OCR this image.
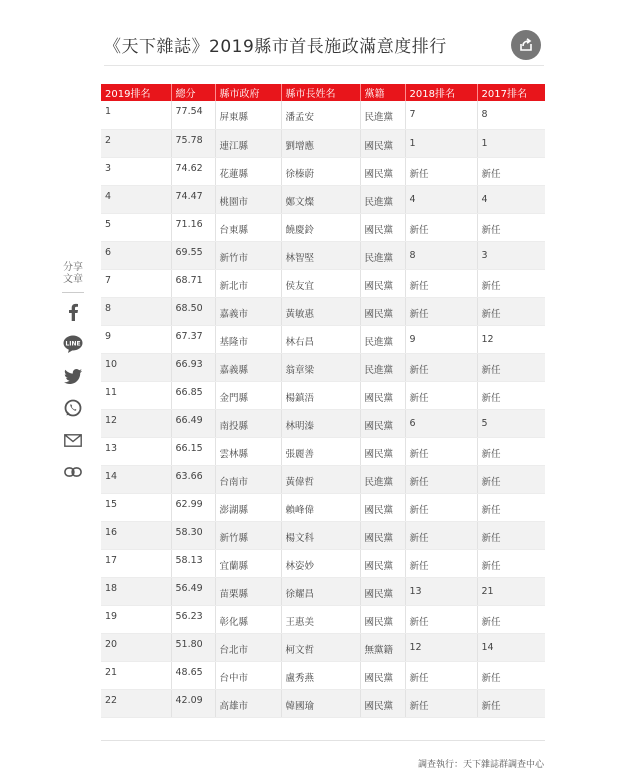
《天下雜誌》2019縣市首長施政滿意度排行
分享
文章
LINE
2019排名	總分	縣市政府	縣市長姓名	黨籍	2018排名	2017排名
1	77.54	屏東縣	潘孟安	民進黨	7	8
2	75.78	連江縣	劉增應	國民黨	1	1
3	74.62	花蓮縣	徐榛蔚	國民黨	新任	新任
4	74.47	桃園市	鄭文燦	民進黨	4	4
5	71.16	台東縣	饒慶鈴	國民黨	新任	新任
6	69.55	新竹市	林智堅	民進黨	8	3
7	68.71	新北市	侯友宜	國民黨	新任	新任
8	68.50	嘉義市	黃敏惠	國民黨	新任	新任
9	67.37	基隆市	林右昌	民進黨	9	12
10	66.93	嘉義縣	翁章梁	民進黨	新任	新任
11	66.85	金門縣	楊鎮浯	國民黨	新任	新任
12	66.49	南投縣	林明溱	國民黨	6	5
13	66.15	雲林縣	張麗善	國民黨	新任	新任
14	63.66	台南市	黃偉哲	民進黨	新任	新任
15	62.99	澎湖縣	賴峰偉	國民黨	新任	新任
16	58.30	新竹縣	楊文科	國民黨	新任	新任
17	58.13	宜蘭縣	林姿妙	國民黨	新任	新任
18	56.49	苗栗縣	徐耀昌	國民黨	13	21
19	56.23	彰化縣	王惠美	國民黨	新任	新任
20	51.80	台北市	柯文哲	無黨籍	12	14
21	48.65	台中市	盧秀燕	國民黨	新任	新任
22	42.09	高雄市	韓國瑜	國民黨	新任	新任
調查執行：天下雜誌群調查中心
